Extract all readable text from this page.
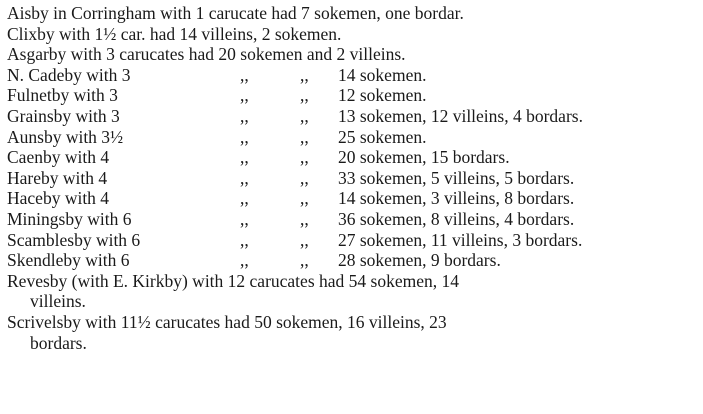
Aisby in Corringham with 1 carucate had 7 sokemen, one bordar.
Clixby with 1½ car. had 14 villeins, 2 sokemen.
Asgarby with 3 carucates had 20 sokemen and 2 villeins.
N. Cadeby with 3	,,	,,	14 sokemen.
Fulnetby with 3	,,	,,	12 sokemen.
Grainsby with 3	,,	,,	13 sokemen, 12 villeins, 4 bordars.
Aunsby with 3½	,,	,,	25 sokemen.
Caenby with 4	,,	,,	20 sokemen, 15 bordars.
Hareby with 4	,,	,,	33 sokemen, 5 villeins, 5 bordars.
Haceby with 4	,,	,,	14 sokemen, 3 villeins, 8 bordars.
Miningsby with 6	,,	,,	36 sokemen, 8 villeins, 4 bordars.
Scamblesby with 6	,,	,,	27 sokemen, 11 villeins, 3 bordars.
Skendleby with 6	,,	,,	28 sokemen, 9 bordars.
Revesby (with E. Kirkby) with 12 carucates had 54 sokemen, 14
villeins.
Scrivelsby with 11½ carucates had 50 sokemen, 16 villeins, 23
bordars.
